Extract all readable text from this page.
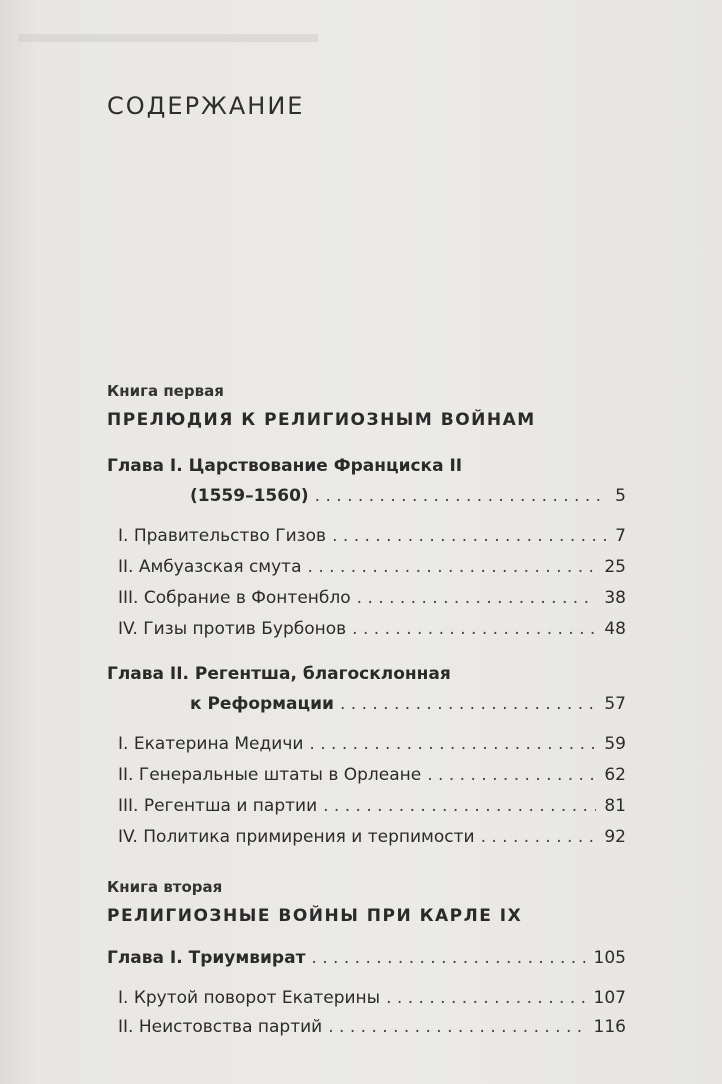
СОДЕРЖАНИЕ
Книга первая
ПРЕЛЮДИЯ К РЕЛИГИОЗНЫМ ВОЙНАМ
Глава I. Царствование Франциска II
(1559–1560) . . .	5
I. Правительство Гизов . . .	7
II. Амбуазская смута . . .	25
III. Собрание в Фонтенбло . . .	38
IV. Гизы против Бурбонов . . .	48
Глава II. Регентша, благосклонная
к Реформации . . .	57
I. Екатерина Медичи . . .	59
II. Генеральные штаты в Орлеане . . .	62
III. Регентша и партии . . .	81
IV. Политика примирения и терпимости . . .	92
Книга вторая
РЕЛИГИОЗНЫЕ ВОЙНЫ ПРИ КАРЛЕ IX
Глава I. Триумвират . . .	105
I. Крутой поворот Екатерины . . .	107
II. Неистовства партий . . .	116
